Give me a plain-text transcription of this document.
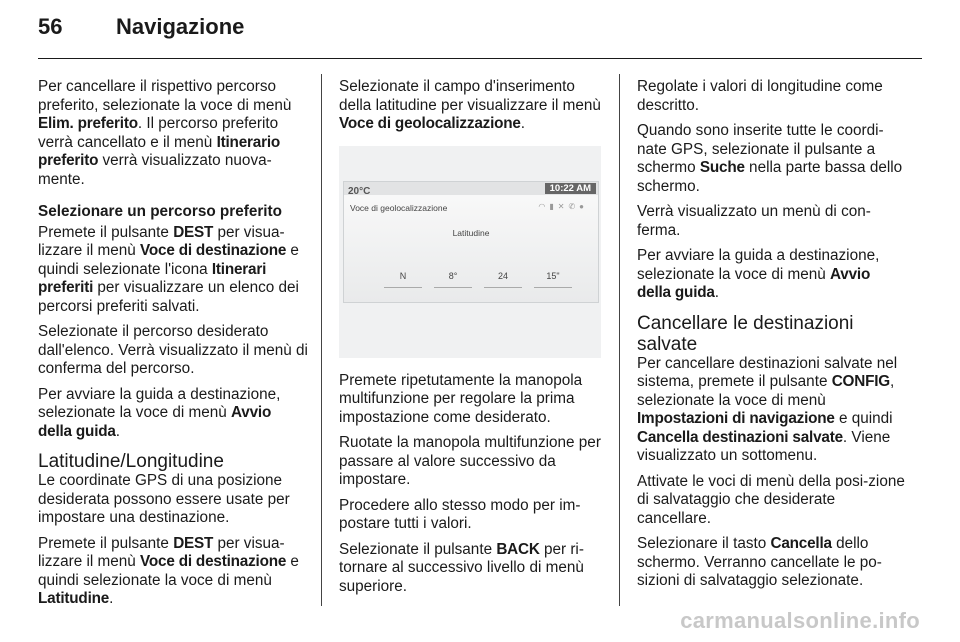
56 Navigazione

Per cancellare il rispettivo percorso preferito, selezionate la voce di menù Elim. preferito. Il percorso preferito verrà cancellato e il menù Itinerario preferito verrà visualizzato nuova-mente.

Selezionare un percorso preferito

Premete il pulsante DEST per visua-lizzare il menù Voce di destinazione e quindi selezionate l'icona Itinerari preferiti per visualizzare un elenco dei percorsi preferiti salvati.

Selezionate il percorso desiderato dall'elenco. Verrà visualizzato il menù di conferma del percorso.

Per avviare la guida a destinazione, selezionate la voce di menù Avvio della guida.

Latitudine/Longitudine

Le coordinate GPS di una posizione desiderata possono essere usate per impostare una destinazione.

Premete il pulsante DEST per visua-lizzare il menù Voce di destinazione e quindi selezionate la voce di menù Latitudine.

Selezionate il campo d'inserimento della latitudine per visualizzare il menù Voce di geolocalizzazione.

20°C	10:22 AM
Voce di geolocalizzazione	◠▮✕✆●
Latitudine
N	8°	24	15"

Premete ripetutamente la manopola multifunzione per regolare la prima impostazione come desiderato.

Ruotate la manopola multifunzione per passare al valore successivo da impostare.

Procedere allo stesso modo per im-postare tutti i valori.

Selezionate il pulsante BACK per ri-tornare al successivo livello di menù superiore.

Regolate i valori di longitudine come descritto.

Quando sono inserite tutte le coordi-nate GPS, selezionate il pulsante a schermo Suche nella parte bassa dello schermo.

Verrà visualizzato un menù di con-ferma.

Per avviare la guida a destinazione, selezionate la voce di menù Avvio della guida.

Cancellare le destinazioni salvate

Per cancellare destinazioni salvate nel sistema, premete il pulsante CONFIG, selezionate la voce di menù Impostazioni di navigazione e quindi Cancella destinazioni salvate. Viene visualizzato un sottomenu.

Attivate le voci di menù della posi-zione di salvataggio che desiderate cancellare.

Selezionare il tasto Cancella dello schermo. Verranno cancellate le po-sizioni di salvataggio selezionate.

carmanualsonline.info
